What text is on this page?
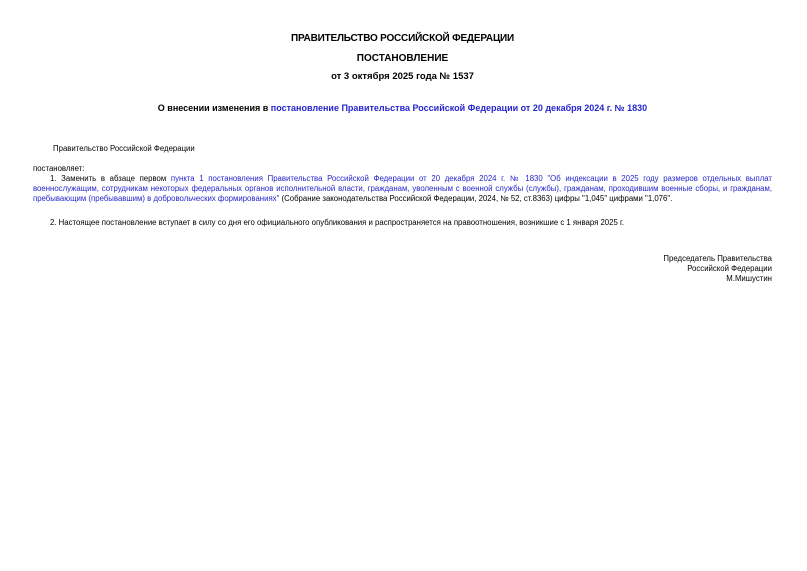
ПРАВИТЕЛЬСТВО РОССИЙСКОЙ ФЕДЕРАЦИИ
ПОСТАНОВЛЕНИЕ
от 3 октября 2025 года № 1537
О внесении изменения в постановление Правительства Российской Федерации от 20 декабря 2024 г. № 1830

Правительство Российской Федерации

постановляет:

1. Заменить в абзаце первом пункта 1 постановления Правительства Российской Федерации от 20 декабря 2024 г. № 1830 "Об индексации в 2025 году размеров отдельных выплат военнослужащим, сотрудникам некоторых федеральных органов исполнительной власти, гражданам, уволенным с военной службы (службы), гражданам, проходившим военные сборы, и гражданам, пребывающим (пребывавшим) в добровольческих формированиях" (Собрание законодательства Российской Федерации, 2024, № 52, ст.8363) цифры "1,045" цифрами "1,076".

2. Настоящее постановление вступает в силу со дня его официального опубликования и распространяется на правоотношения, возникшие с 1 января 2025 г.

Председатель Правительства
Российской Федерации
М.Мишустин
